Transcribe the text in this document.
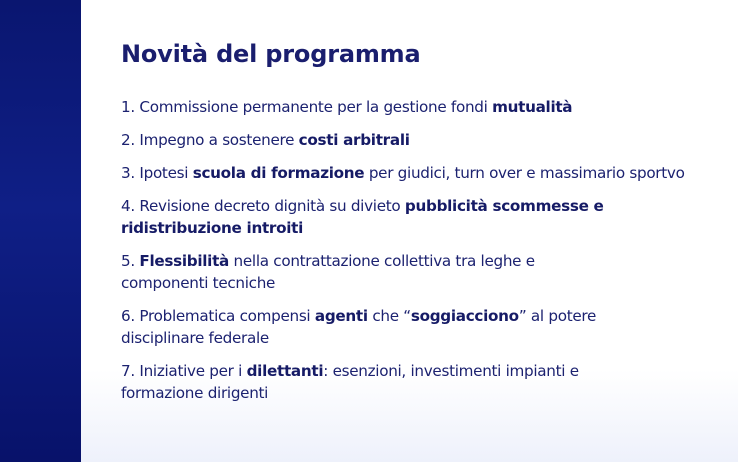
Novità del programma
1. Commissione permanente per la gestione fondi mutualità
2. Impegno a sostenere costi arbitrali
3. Ipotesi scuola di formazione per giudici, turn over e massimario sportvo
4. Revisione decreto dignità su divieto pubblicità scommesse e ridistribuzione introiti
5. Flessibilità nella contrattazione collettiva tra leghe e componenti tecniche
6. Problematica compensi agenti che “soggiacciono” al potere disciplinare federale
7. Iniziative per i dilettanti: esenzioni, investimenti impianti e formazione dirigenti
